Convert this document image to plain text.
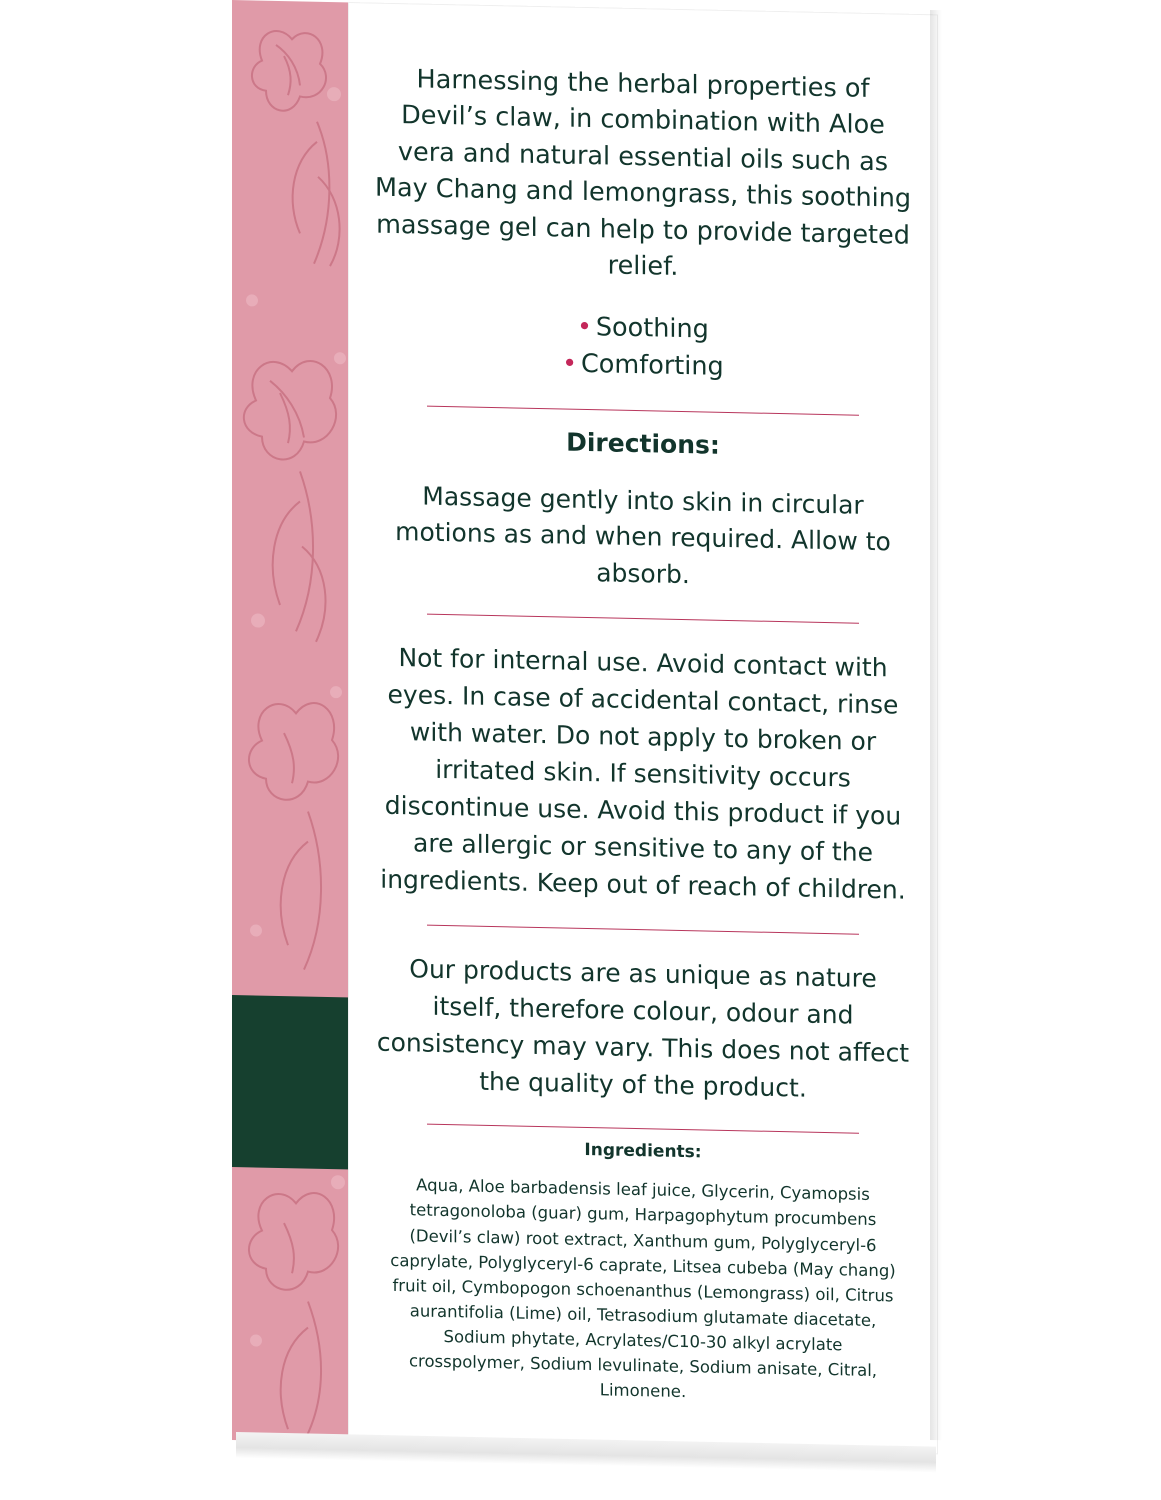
Harnessing the herbal properties of Devil’s claw, in combination with Aloe vera and natural essential oils such as May Chang and lemongrass, this soothing massage gel can help to provide targeted relief.

• Soothing
• Comforting
Directions:

Massage gently into skin in circular motions as and when required. Allow to absorb.

Not for internal use. Avoid contact with eyes. In case of accidental contact, rinse with water. Do not apply to broken or irritated skin. If sensitivity occurs discontinue use. Avoid this product if you are allergic or sensitive to any of the ingredients. Keep out of reach of children.

Our products are as unique as nature itself, therefore colour, odour and consistency may vary. This does not affect the quality of the product.

Ingredients:

Aqua, Aloe barbadensis leaf juice, Glycerin, Cyamopsis tetragonoloba (guar) gum, Harpagophytum procumbens (Devil’s claw) root extract, Xanthum gum, Polyglyceryl-6 caprylate, Polyglyceryl-6 caprate, Litsea cubeba (May chang) fruit oil, Cymbopogon schoenanthus (Lemongrass) oil, Citrus aurantifolia (Lime) oil, Tetrasodium glutamate diacetate, Sodium phytate, Acrylates/C10-30 alkyl acrylate crosspolymer, Sodium levulinate, Sodium anisate, Citral, Limonene.
